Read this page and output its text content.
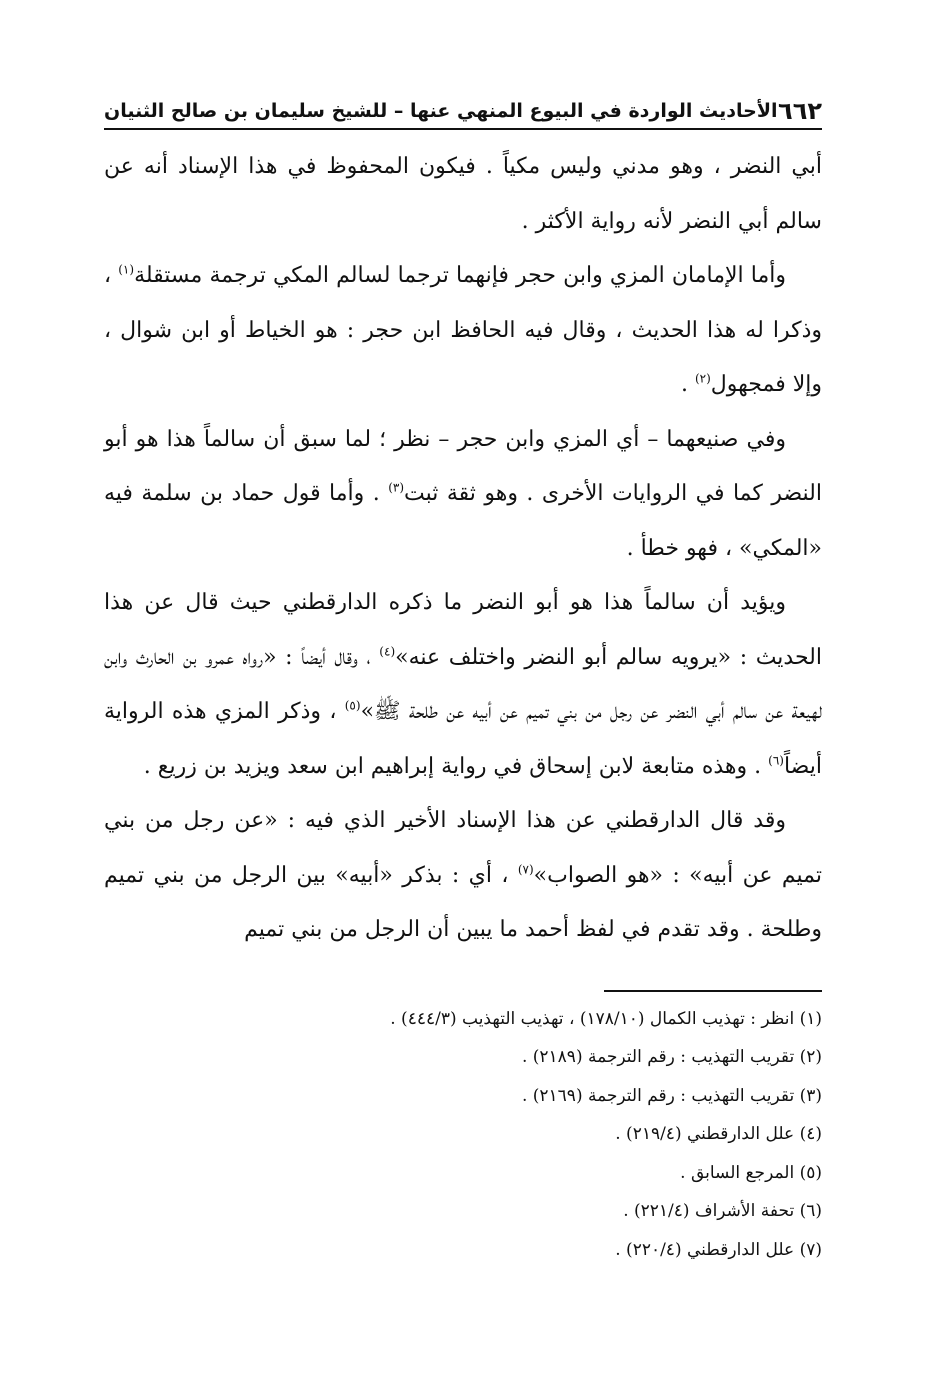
٦٦٢
الأحاديث الواردة في البيوع المنهي عنها – للشيخ سليمان بن صالح الثنيان

أبي النضر ، وهو مدني وليس مكياً . فيكون المحفوظ في هذا الإسناد أنه عن سالم أبي النضر لأنه رواية الأكثر .

وأما الإمامان المزي وابن حجر فإنهما ترجما لسالم المكي ترجمة مستقلة$^{(١)}$ ، وذكرا له هذا الحديث ، وقال فيه الحافظ ابن حجر : هو الخياط أو ابن شوال ، وإلا فمجهول$^{(٢)}$ .

وفي صنيعهما – أي المزي وابن حجر – نظر ؛ لما سبق أن سالماً هذا هو أبو النضر كما في الروايات الأخرى . وهو ثقة ثبت$^{(٣)}$ . وأما قول حماد بن سلمة فيه «المكي» ، فهو خطأ .

ويؤيد أن سالماً هذا هو أبو النضر ما ذكره الدارقطني حيث قال عن هذا الحديث : «يرويه سالم أبو النضر واختلف عنه»$^{(٤)}$ ، وقال أيضاً : «رواه عمرو بن الحارث وابن لهيعة عن سالم أبي النضر عن رجل من بني تميم عن أبيه عن طلحة ﷺ»$^{(٥)}$ ، وذكر المزي هذه الرواية أيضاً$^{(٦)}$ . وهذه متابعة لابن إسحاق في رواية إبراهيم ابن سعد ويزيد بن زريع .

وقد قال الدارقطني عن هذا الإسناد الأخير الذي فيه : «عن رجل من بني تميم عن أبيه» : «هو الصواب»$^{(٧)}$ ، أي : بذكر «أبيه» بين الرجل من بني تميم وطلحة . وقد تقدم في لفظ أحمد ما يبين أن الرجل من بني تميم

(١) انظر : تهذيب الكمال (١٧٨/١٠) ، تهذيب التهذيب (٤٤٤/٣) .
(٢) تقريب التهذيب : رقم الترجمة (٢١٨٩) .
(٣) تقريب التهذيب : رقم الترجمة (٢١٦٩) .
(٤) علل الدارقطني (٢١٩/٤) .
(٥) المرجع السابق .
(٦) تحفة الأشراف (٢٢١/٤) .
(٧) علل الدارقطني (٢٢٠/٤) .
